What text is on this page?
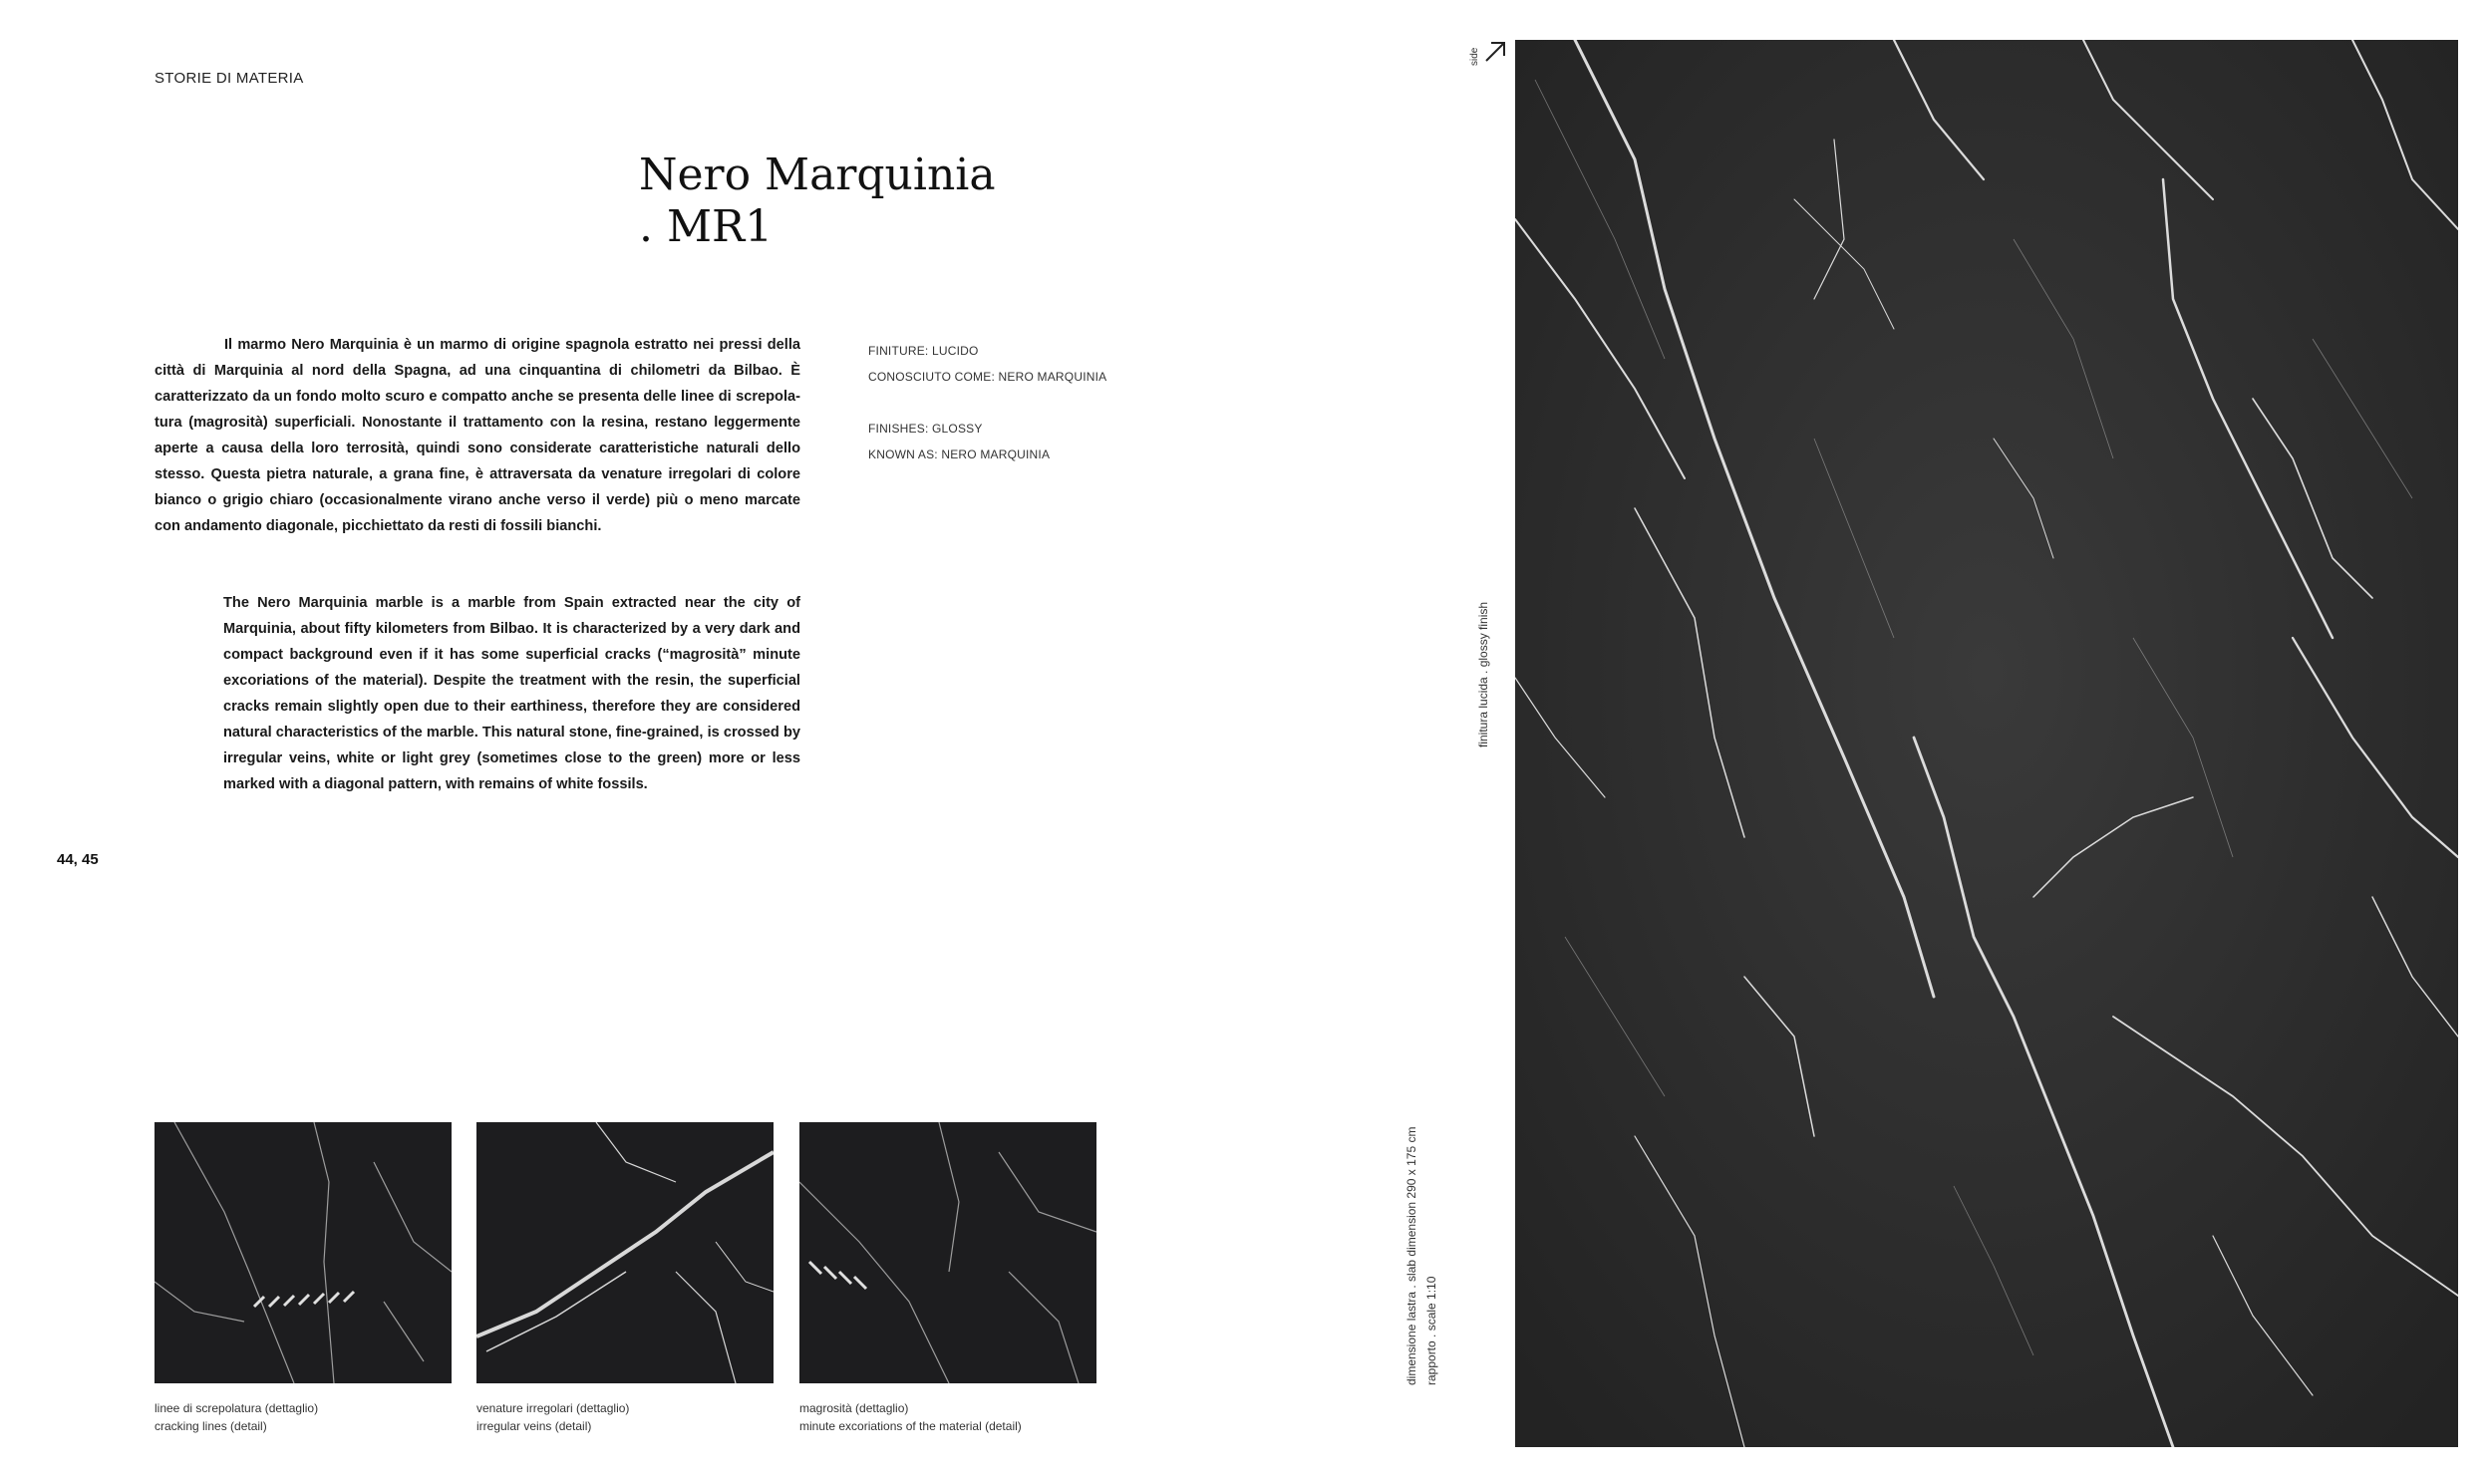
STORIE DI MATERIA
Nero Marquinia
. MR1

Il marmo Nero Marquinia è un marmo di origine spagnola estratto nei pressi della città di Marquinia al nord della Spagna, ad una cinquantina di chilometri da Bilbao. È caratterizzato da un fondo molto scuro e compatto anche se presenta delle linee di screpolatura (magrosità) superficiali. Nonostante il trattamento con la resina, restano leggermente aperte a causa della loro terrosità, quindi sono considerate caratteristiche naturali dello stesso. Questa pietra naturale, a grana fine, è attraversata da venature irregolari di colore bianco o grigio chiaro (occasionalmente virano anche verso il verde) più o meno marcate con andamento diagonale, picchiettato da resti di fossili bianchi.

The Nero Marquinia marble is a marble from Spain extracted near the city of Marquinia, about fifty kilometers from Bilbao. It is characterized by a very dark and compact background even if it has some superficial cracks (“magrosità” minute excoriations of the material). Despite the treatment with the resin, the superficial cracks remain slightly open due to their earthiness, therefore they are considered natural characteristics of the marble. This natural stone, fine-grained, is crossed by irregular veins, white or light grey (sometimes close to the green) more or less marked with a diagonal pattern, with remains of white fossils.

FINITURE: LUCIDO
CONOSCIUTO COME: NERO MARQUINIA
FINISHES: GLOSSY
KNOWN AS: NERO MARQUINIA
44, 45
linee di screpolatura (dettaglio)
cracking lines (detail)
venature irregolari (dettaglio)
irregular veins (detail)
magrosità (dettaglio)
minute excoriations of the material (detail)
finitura lucida . glossy finish
dimensione lastra . slab dimension 290 x 175 cm rapporto . scale 1:10
side
